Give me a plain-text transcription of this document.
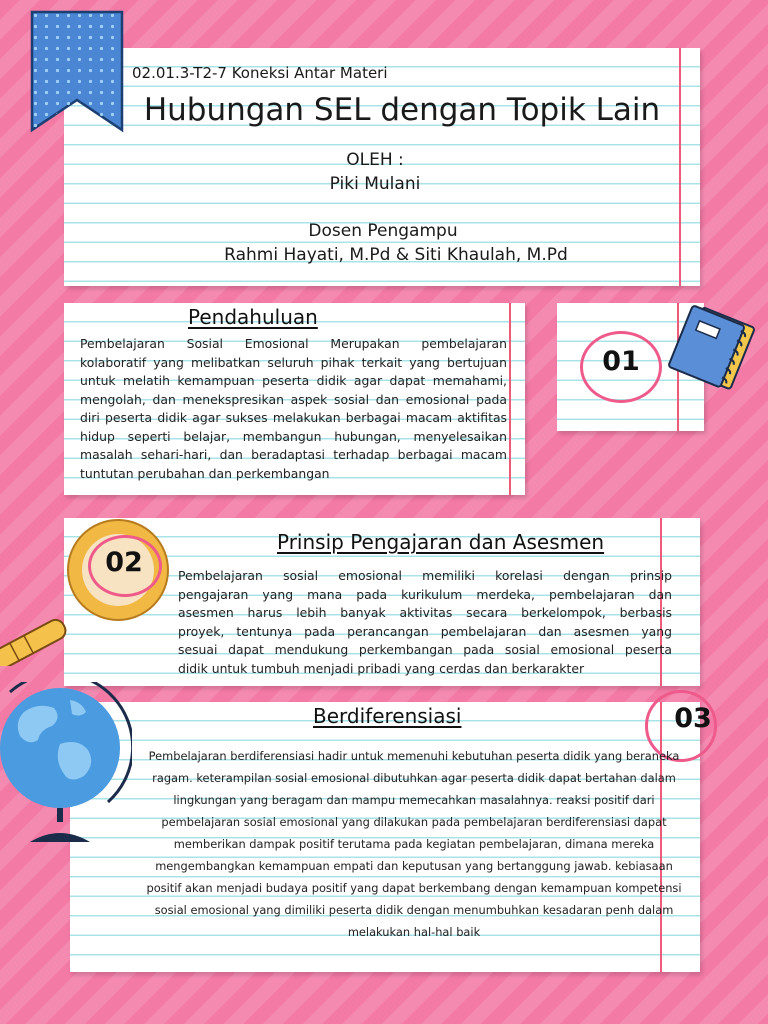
02.01.3-T2-7 Koneksi Antar Materi
Hubungan SEL dengan Topik Lain
OLEH :
Piki Mulani
Dosen Pengampu
Rahmi Hayati, M.Pd & Siti Khaulah, M.Pd
01
Pendahuluan
Pembelajaran Sosial Emosional Merupakan pembelajaran
kolaboratif yang melibatkan seluruh pihak terkait yang bertujuan
untuk melatih kemampuan peserta didik agar dapat memahami,
mengolah, dan menekspresikan aspek sosial dan emosional pada
diri peserta didik agar sukses melakukan berbagai macam aktifitas
hidup seperti belajar, membangun hubungan, menyelesaikan
masalah sehari-hari, dan beradaptasi terhadap berbagai macam
tuntutan perubahan dan perkembangan
02
Prinsip Pengajaran dan Asesmen
Pembelajaran sosial emosional memiliki korelasi dengan prinsip
pengajaran yang mana pada kurikulum merdeka, pembelajaran dan
asesmen harus lebih banyak aktivitas secara berkelompok, berbasis
proyek, tentunya pada perancangan pembelajaran dan asesmen yang
sesuai dapat mendukung perkembangan pada sosial emosional peserta
didik untuk tumbuh menjadi pribadi yang cerdas dan berkarakter
03
Berdiferensiasi
Pembelajaran berdiferensiasi hadir untuk memenuhi kebutuhan peserta didik yang beraneka
ragam. keterampilan sosial emosional dibutuhkan agar peserta didik dapat bertahan dalam
lingkungan yang beragam dan mampu memecahkan masalahnya. reaksi positif dari
pembelajaran sosial emosional yang dilakukan pada pembelajaran berdiferensiasi dapat
memberikan dampak positif terutama pada kegiatan pembelajaran, dimana mereka
mengembangkan kemampuan empati dan keputusan yang bertanggung jawab. kebiasaan
positif akan menjadi budaya positif yang dapat berkembang dengan kemampuan kompetensi
sosial emosional yang dimiliki peserta didik dengan menumbuhkan kesadaran penh dalam
melakukan hal-hal baik
